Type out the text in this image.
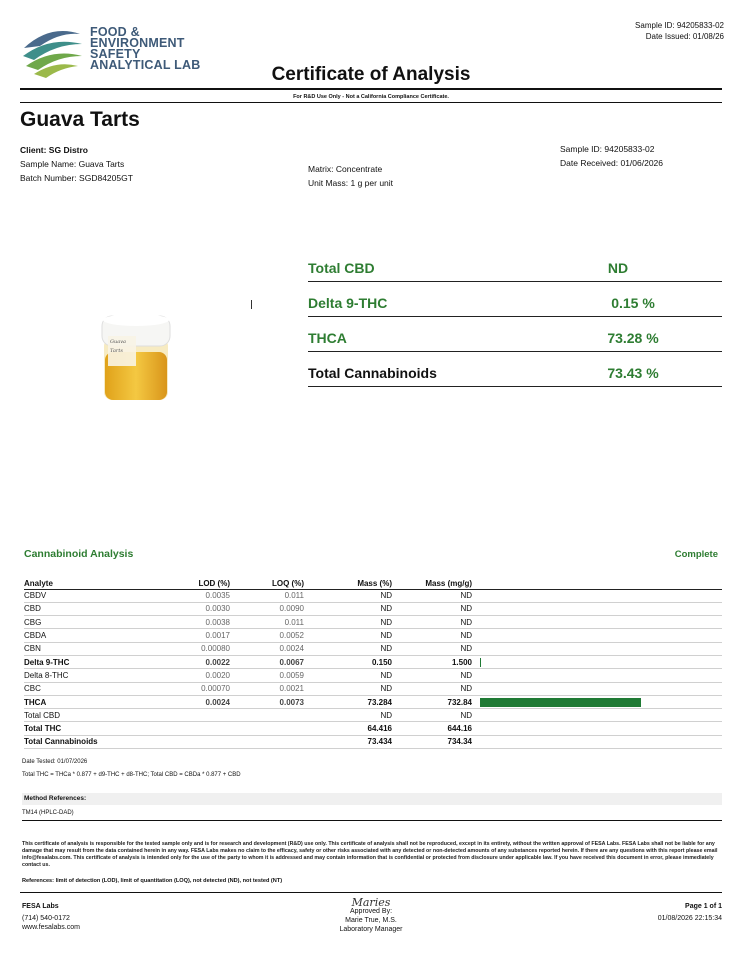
FOOD &
ENVIRONMENT
SAFETY
ANALYTICAL LAB
Sample ID: 94205833-02
Date Issued: 01/08/26
Certificate of Analysis
For R&D Use Only - Not a California Compliance Certificate.
Guava Tarts
Client: SG Distro
Sample Name: Guava Tarts
Batch Number: SGD84205GT
Matrix: Concentrate
Unit Mass: 1 g per unit
Sample ID: 94205833-02
Date Received: 01/06/2026
Guava Tarts
Total CBD	ND
Delta 9-THC	0.15 %
THCA	73.28 %
Total Cannabinoids	73.43 %
Cannabinoid Analysis	Complete
Analyte	LOD (%)	LOQ (%)	Mass (%)	Mass (mg/g)	
CBDV	0.0035	0.011	ND	ND	
CBD	0.0030	0.0090	ND	ND	
CBG	0.0038	0.011	ND	ND	
CBDA	0.0017	0.0052	ND	ND	
CBN	0.00080	0.0024	ND	ND	
Delta 9-THC	0.0022	0.0067	0.150	1.500	

Delta 8-THC	0.0020	0.0059	ND	ND	
CBC	0.00070	0.0021	ND	ND	
THCA	0.0024	0.0073	73.284	732.84	

Total CBD			ND	ND	
Total THC			64.416	644.16	
Total Cannabinoids			73.434	734.34	
Date Tested: 01/07/2026
Total THC = THCa * 0.877 + d9-THC + d8-THC; Total CBD = CBDa * 0.877 + CBD
Method References:
TM14 (HPLC-DAD)
This certificate of analysis is responsible for the tested sample only and is for research and development (R&D) use only. This certificate of analysis shall not be reproduced, except in its entirety, without the written approval of FESA Labs. FESA Labs shall not be liable for any damage that may result from the data contained herein in any way. FESA Labs makes no claim to the efficacy, safety or other risks associated with any detected or non-detected amounts of any substances reported herein. If there are any questions with this report please email info@fesalabs.com. This certificate of analysis is intended only for the use of the party to whom it is addressed and may contain information that is confidential or protected from disclosure under applicable law. If you have received this document in error, please immediately contact us.
References: limit of detection (LOD), limit of quantitation (LOQ), not detected (ND), not tested (NT)
FESA Labs
(714) 540-0172
www.fesalabs.com
Maries
Approved By:
Marie True, M.S.
Laboratory Manager
Page 1 of 1
01/08/2026 22:15:34
